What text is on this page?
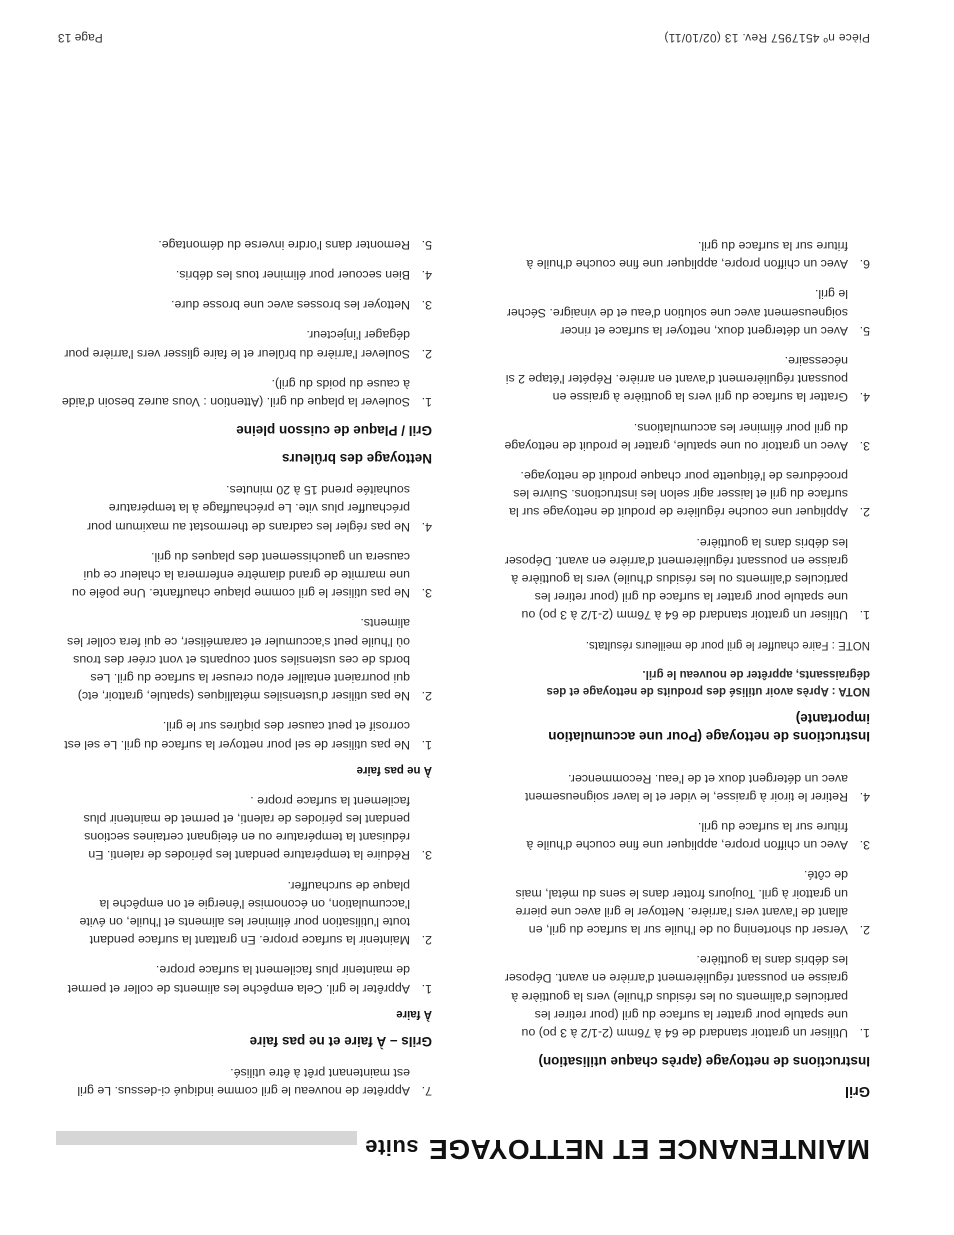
MAINTENANCE ET NETTOYAGEsuite
Gril
Instructions de nettoyage (après chaque utilisation)
1.
Utiliser un grattoir standard de 64 à 76mm (2-1/2 à 3 po) ou une spatule pour gratter la surface du gril (pour retirer les particules d'aliments ou les résidus d'huile) vers la gouttière à graisse en poussant régulièrement d'arrière en avant. Déposer les débris dans la gouttière.
2.
Verser du shortening ou de l'huile sur la surface du gril, en allant de l'avant vers l'arrière. Nettoyer le gril avec une pierre un grattoir à gril. Toujours frotter dans le sens du métal, mais de côté.
3.
Avec un chiffon propre, appliquer une fine couche d'huile à friture sur la surface du gril.
4.
Retirer le tiroir à graisse, le vider et le laver soigneusement avec un détergent doux et de l'eau. Recommencer.
Instructions de nettoyage (Pour une accumulation importante)

NOTA : Après avoir utilisé des produits de nettoyage et des dégraissants, apprêter de nouveau le gril.

NOTE : Faire chauffer le gril pour de meilleurs résultats.

1.
Utiliser un grattoir standard de 64 à 76mm (2-1/2 à 3 po) ou une spatule pour gratter la surface du gril (pour retirer les particules d'aliments ou les résidus d'huile) vers la gouttière à graisse en poussant régulièrement d'arrière en avant. Déposer les débris dans la gouttière.
2.
Appliquer une couche régulière de produit de nettoyage sur la surface du gril et laisser agir selon les instructions. Suivre les procédures de l'étiquette pour chaque produit de nettoyage.
3.
Avec un grattoir ou une spatule, gratter le produit de nettoyage du gril pour éliminer les accumulations.
4.
Gratter la surface du gril vers la gouttière à graisse en poussant régulièrement d'avant en arrière. Répéter l'étape 2 si nécessaire.
5.
Avec un détergent doux, nettoyer la surface et rincer soigneusement avec une solution d'eau et de vinaigre. Sécher le gril.
6.
Avec un chiffon propre, appliquer une fine couche d'huile à friture sur la surface du gril.
7.
Apprêter de nouveau le gril comme indiqué ci-dessus. Le gril est maintenant prêt à être utilisé.
Grils – À faire et ne pas faire
À faire
1.
Apprêter le gril. Cela empêche les aliments de coller et permet de maintenir plus facilement la surface propre.
2.
Maintenir la surface propre. En grattant la surface pendant toute l'utilisation pour éliminer les aliments et l'huile, on évite l'accumulation, on économise l'énergie et on empêche la plaque de surchauffer.
3.
Réduire la température pendant les périodes de ralenti. En réduisant la température ou en éteignant certaines sections pendant les périodes de ralenti, et permet de maintenir plus facilement la surface propre .
À ne pas faire
1.
Ne pas utiliser de sel pour nettoyer la surface du gril. Le sel est corrosif et peut causer des piqûres sur le gril.
2.
Ne pas utiliser d'ustensiles métalliques (spatule, grattoir, etc) qui pourraient entailler et/ou creuser la surface du gril. Les bords de ces ustensiles sont coupants et vont créer des trous où l'huile peut s'accumuler et caraméliser, ce qui fera coller les aliments.
3.
Ne pas utiliser le gril comme plaque chauffante. Une poêle ou une marmite de grand diamètre enfermera la chaleur ce qui causera un gauchissement des plaques du gril.
4.
Ne pas régler les cadrans de thermostat au maximum pour préchauffer plus vite. Le préchauffage à la température souhaitée prend 15 à 20 minutes.
Nettoyage des brûleurs
Gril / Plaque de cuisson pleine
1.
Soulever la plaque du gril. (Attention : Vous aurez besoin d'aide à cause du poids du gril).
2.
Soulever l'arrière du brûleur et le faire glisser vers l'arrière pour dégager l'injecteur.
3.
Nettoyer les brosses avec une brosse dure.
4.
Bien secouer pour éliminer tous les débris.
5.
Remonter dans l'ordre inverse du démontage.
Pièce nº 4517957 Rev. 13 (02/10/11)
Page 13
